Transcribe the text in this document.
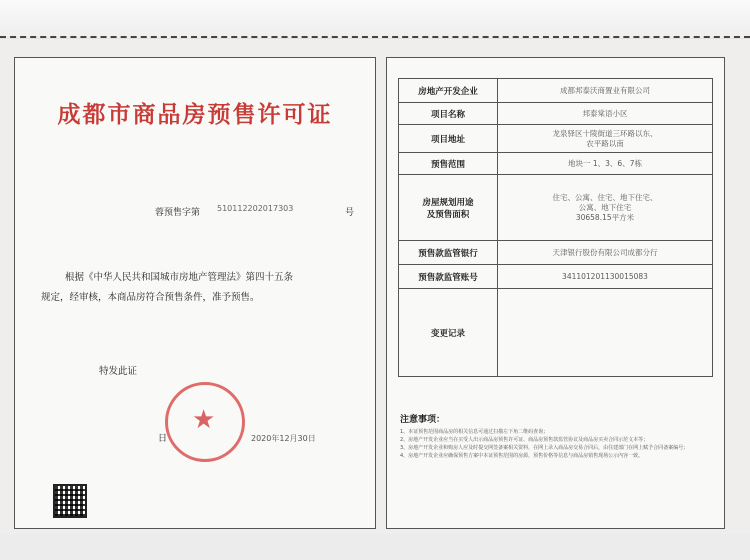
成都市商品房预售许可证
蓉预售字第 510112202017303	号
根据《中华人民共和国城市房地产管理法》第四十五条
规定，经审核，本商品房符合预售条件，准予预售。
特发此证
★
日	2020年12月30日
房地产开发企业	成都邦泰沃商置业有限公司
项目名称	邦泰棠语小区
项目地址	龙泉驿区十陵街道三环路以东、
农平路以南
预售范围	地块一 1、3、6、7栋
房屋规划用途
及预售面积	住宅、公寓、住宅、地下住宅、
公寓、地下住宅
30658.15平方米
预售款监管银行	天津银行股份有限公司成都分行
预售款监管账号	341101201130015083
变更记录	
注意事项：
1、本证预售范围商品房的相关信息可通过扫描左下角二维码查询；
2、房地产开发企业应当在买受人出示商品房预售许可证、商品房预售款监管协议及商品房买卖合同示范文本等；
3、房地产开发企业和购房人应及时提交网签备案相关资料，在网上录入商品房交易合同后，由住建部门在网上赋予合同备案编号；
4、房地产开发企业应确保预售方案中本证预售范围的房源，预售价格等信息与商品房销售现场公示内容一致。
